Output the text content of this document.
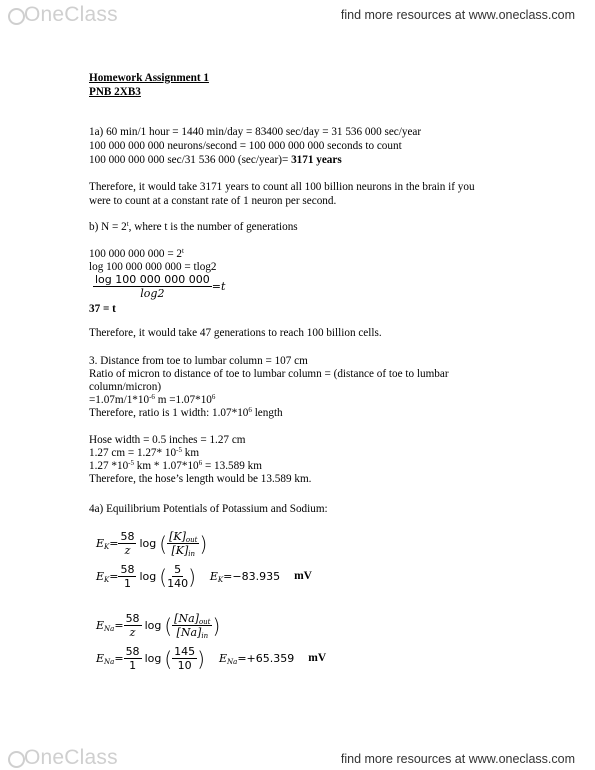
OneClass	find more resources at www.oneclass.com
Homework Assignment 1
PNB 2XB3
1a) 60 min/1 hour = 1440 min/day = 83400 sec/day = 31 536 000 sec/year
100 000 000 000 neurons/second = 100 000 000 000 seconds to count
100 000 000 000 sec/31 536 000 (sec/year)= 3171 years
Therefore, it would take 3171 years to count all 100 billion neurons in the brain if you
were to count at a constant rate of 1 neuron per second.
b) $N = 2^t$, where t is the number of generations
100 000 000 $000 = 2^t$
log 100 000 000 000 = tlog2
$\frac{\log 100 000 000 000}{\log 2} =t$
37 = t
Therefore, it would take 47 generations to reach 100 billion cells.
3. Distance from toe to lumbar column = 107 cm
Ratio of micron to distance of toe to lumbar column = (distance of toe to lumbar
column/micron)
$=1.07m/1*10^{-6}$ $m =1.07*10^6$
Therefore, ratio is 1 width: $1.07*10^6$ length
Hose width = 0.5 inches = 1.27 cm
1.27 cm = 1.27* $10^{-5}$ km
1.27 $*10^{-5}$ km * $1.07*10^6 = 13.589$ km
Therefore, the hose’s length would be 13.589 km.
4a) Equilibrium Potentials of Potassium and Sodium:
$E_K = \frac{58}{z}$ log ( $\frac{[K]_{out}}{[K]_{in}}$ )
$E_K = \frac{58}{1}$ log ( $\frac{5}{140}$ ) $E_K =-83.935$ mV
$E_{Na} = \frac{58}{z}$ log ( $\frac{[Na]_{out}}{[Na]_{in}}$ )
$E_{Na} = \frac{58}{1}$ log ( $\frac{145}{10}$ ) $E_{Na} =+65.359$ mV
OneClass	find more resources at www.oneclass.com
